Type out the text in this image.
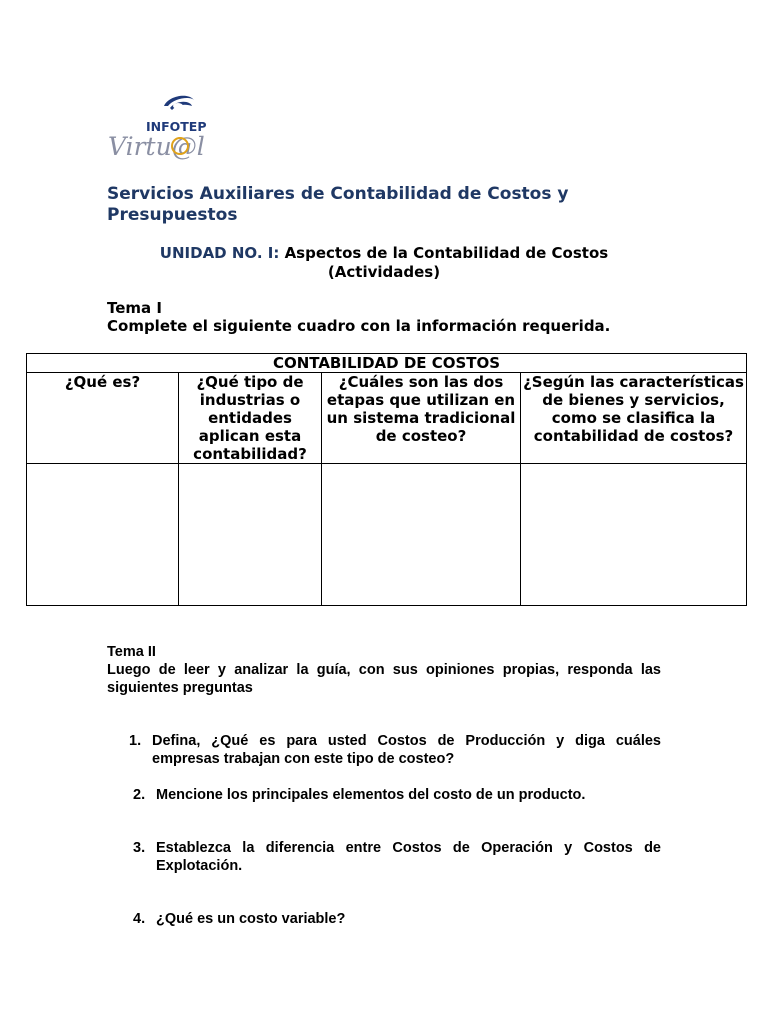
INFOTEP
Virtu@l
Servicios Auxiliares de Contabilidad de Costos y Presupuestos
UNIDAD NO. I: Aspectos de la Contabilidad de Costos
(Actividades)
Tema I
Complete el siguiente cuadro con la información requerida.
CONTABILIDAD DE COSTOS			
¿Qué es?	¿Qué tipo de industrias o entidades aplican esta contabilidad?	¿Cuáles son las dos etapas que utilizan en un sistema tradicional de costeo?	¿Según las características de bienes y servicios, como se clasifica la contabilidad de costos?

Tema II
Luego de leer y analizar la guía, con sus opiniones propias, responda las siguientes preguntas
1. Defina, ¿Qué es para usted Costos de Producción y diga cuáles empresas trabajan con este tipo de costeo?
2. Mencione los principales elementos del costo de un producto.
3. Establezca la diferencia entre Costos de Operación y Costos de Explotación.
4. ¿Qué es un costo variable?
